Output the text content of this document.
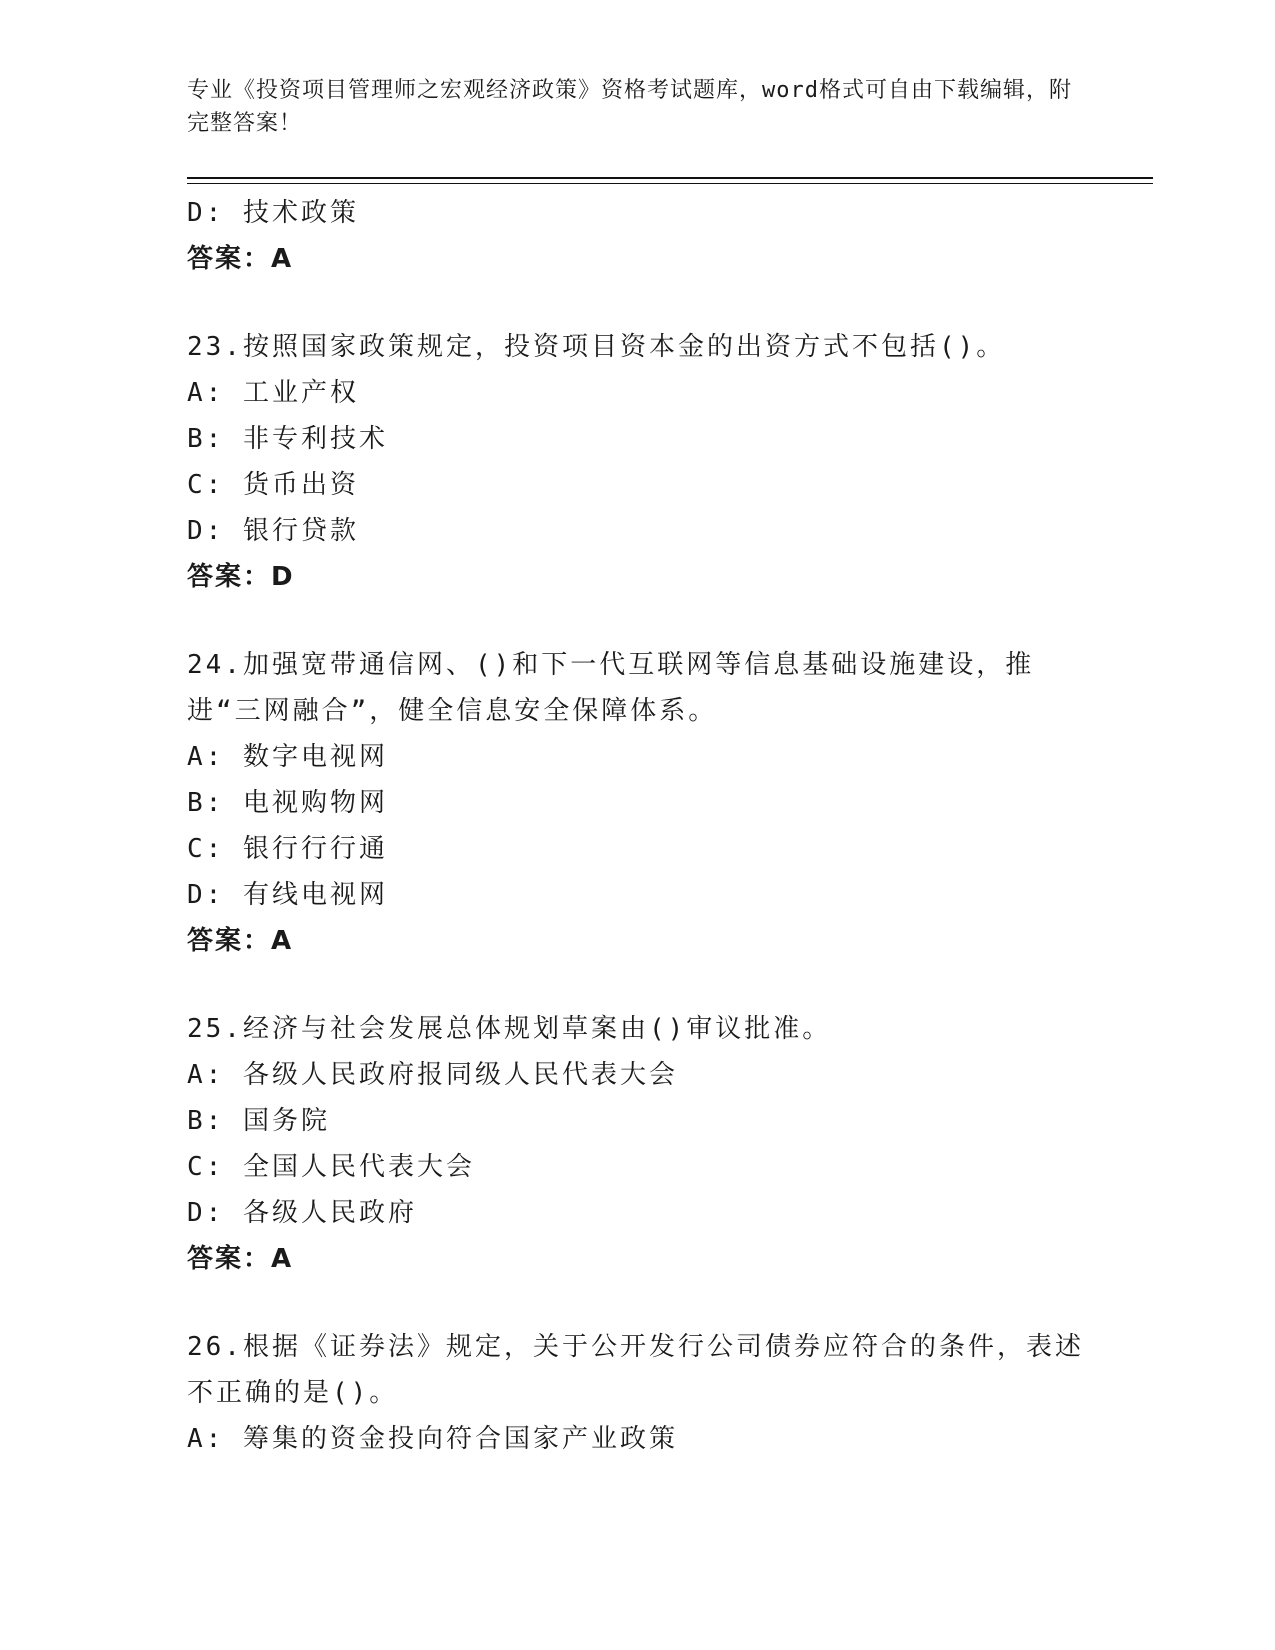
专业《投资项目管理师之宏观经济政策》资格考试题库，word格式可自由下载编辑，附完整答案！
D: 技术政策
答案：A
23.按照国家政策规定，投资项目资本金的出资方式不包括()。
A: 工业产权
B: 非专利技术
C: 货币出资
D: 银行贷款
答案：D
24.加强宽带通信网、()和下一代互联网等信息基础设施建设，推进“三网融合”，健全信息安全保障体系。
A: 数字电视网
B: 电视购物网
C: 银行行行通
D: 有线电视网
答案：A
25.经济与社会发展总体规划草案由()审议批准。
A: 各级人民政府报同级人民代表大会
B: 国务院
C: 全国人民代表大会
D: 各级人民政府
答案：A
26.根据《证券法》规定，关于公开发行公司债券应符合的条件，表述不正确的是()。
A: 筹集的资金投向符合国家产业政策
